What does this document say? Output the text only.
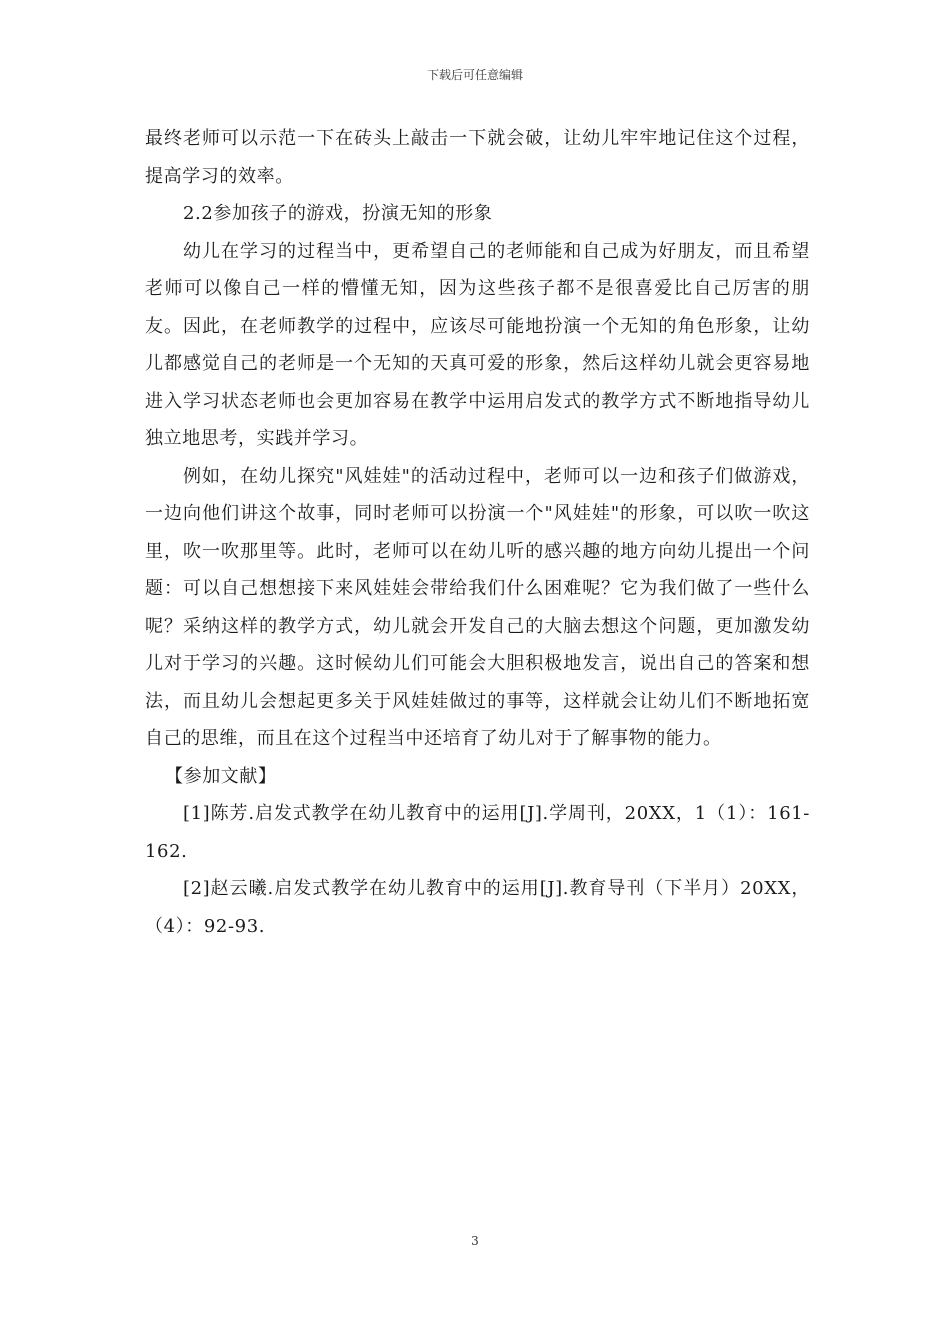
下载后可任意编辑

最终老师可以示范一下在砖头上敲击一下就会破，让幼儿牢牢地记住这个过程，提高学习的效率。

2.2参加孩子的游戏，扮演无知的形象

幼儿在学习的过程当中，更希望自己的老师能和自己成为好朋友，而且希望老师可以像自己一样的懵懂无知，因为这些孩子都不是很喜爱比自己厉害的朋友。因此，在老师教学的过程中，应该尽可能地扮演一个无知的角色形象，让幼儿都感觉自己的老师是一个无知的天真可爱的形象，然后这样幼儿就会更容易地进入学习状态老师也会更加容易在教学中运用启发式的教学方式不断地指导幼儿独立地思考，实践并学习。

例如，在幼儿探究"风娃娃"的活动过程中，老师可以一边和孩子们做游戏，一边向他们讲这个故事，同时老师可以扮演一个"风娃娃"的形象，可以吹一吹这里，吹一吹那里等。此时，老师可以在幼儿听的感兴趣的地方向幼儿提出一个问题：可以自己想想接下来风娃娃会带给我们什么困难呢？它为我们做了一些什么呢？采纳这样的教学方式，幼儿就会开发自己的大脑去想这个问题，更加激发幼儿对于学习的兴趣。这时候幼儿们可能会大胆积极地发言，说出自己的答案和想法，而且幼儿会想起更多关于风娃娃做过的事等，这样就会让幼儿们不断地拓宽自己的思维，而且在这个过程当中还培育了幼儿对于了解事物的能力。

【参加文献】

[1]陈芳.启发式教学在幼儿教育中的运用[J].学周刊，20XX，1（1）：161-162.

[2]赵云曦.启发式教学在幼儿教育中的运用[J].教育导刊（下半月）20XX，（4）：92-93.

3
